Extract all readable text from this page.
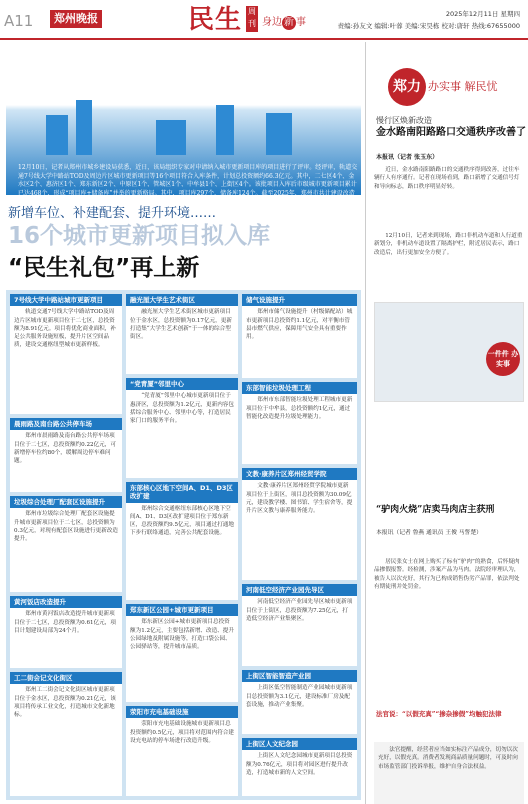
A11	郑州晚报	民生 周刊 身边 新 事
2025年12月11日 星期四
责编:孙友文 编辑:叶蓉 美编:宋昊栋 校对:唐轩 热线:67655000
12月10日，记者从郑州市城乡建设局获悉，近日，该局组织专家对申请纳入城市更新项目库的项目进行了评审。经评审，轨道交通7号线大学中路站TOD及周边片区城市更新项目等16个项目符合入库条件，计划总投资额约66.3亿元。其中，二七区4个、金水区2个、惠济区1个、郑东新区2个、中原区1个、管城区1个、中牟县1个、上街区4个。该批项目入库后市级城市更新项目累计已达468个，形成“项目库+储备库”并举的更新格局。其中，项目库297个，储备库124个。截至2025年，郑州市共计建设改造城市更新项目423个，建设进展有序。
新增车位、补建配套、提升环境……
16个城市更新项目拟入库
“民生礼包”再上新
7号线大学中路站城市更新项目
轨道交通7号线大学中路站TOD及周边片区城市更新项目位于二七区，总投资额为8.91亿元。项目将优化商业面积，补足公共服务设施短板，提升片区空间品质，建设交通枢纽型城市更新样板。
融光厘大学生艺术街区
融光厘大学生艺术街区城市更新项目位于金水区，总投资额为0.17亿元，更新打造集“大学生艺术创新”于一体的综合型街区。
储气设施提升
郑州市储气设施提升（村级储配站）城市更新项目总投资约1.1亿元，对平衡市管县市燃气供应，保障用气安全具有重要作用。
晨雨路及南台路公共停车场
郑州市晨雨路及南台路公共停车场项目位于二七区，总投资额约0.22亿元，可新增停车位约80个，缓解周边停车难问题。
“党青厦”邻里中心
“党青厦”邻里中心城市更新项目位于惠济区，总投资额为1.2亿元，更新内容包括综合服务中心、邻里中心等，打造居民家门口的服务平台。
东部智能垃圾处理工程
郑州市东部智能垃圾处理工程城市更新项目位于中牟县，总投资额约1亿元，通过智能化改造提升垃圾处理能力。
垃圾综合处理厂配套区设施提升
郑州市垃圾综合处理厂配套区设施提升城市更新项目位于二七区，总投资额为0.3亿元，对现有配套区设施进行更新改造提升。
东部核心区地下空间A、D1、D3区改扩建
郑州综合交通枢纽东部核心区地下空间A、D1、D3区改扩建项目位于郑东新区，总投资额约9.5亿元，项目通过打通地下步行联络通道，完善公共配套设施。
文教·康养片区郑州经贸学院
文教·康养片区郑州经贸学院城市更新项目位于上街区，项目总投资额为30.09亿元，建设教学楼、图书馆、学生宿舍等，提升片区文教与康养服务能力。
黄河饭店改造提升
郑州市黄河饭店改造提升城市更新项目位于二七区，总投资额为0.61亿元，项目计划建设局部为24个月。
郑东新区公园+城市更新项目
郑东新区公园+城市更新项目总投资额为1.2亿元，主要包括新增、改造、提升公园绿地及附属设施等，打造口袋公园、公园驿站等，提升城市品质。
河南低空经济产业园先导区
河南低空经济产业园先导区城市更新项目位于上街区，总投资额为7.25亿元，打造低空经济产业集聚区。
工二街会记文化街区
郑州工二街会记文化街区城市更新项目位于金水区，总投资额为0.21亿元，该项目将传承工业文化，打造城市文化新地标。	荥阳市充电基础设施
荥阳市充电基础设施城市更新项目总投资额约0.5亿元，项目将对范围内符合建设充电站的停车场进行改造升级。
上街区智能智造产业园
上街区低空智能制造产业园城市更新项目总投资额为3.1亿元，建设标准厂房及配套设施，推动产业集聚。
上街区人文纪念园
上街区人文纪念园城市更新项目总投资额为0.76亿元，项目将对园区进行提升改造，打造城市新的人文空间。
郑力 办实事 解民忧
慢行区焕新改造
金水路南阳路路口交通秩序改善了
本报讯（记者 张玉东）
近日，金水路南阳路路口的交通秩序得到改善，过往车辆行人有序通行。记者在现场看到，路口新增了交通信号灯和导向标志，路口秩序明显好转。
12月10日，记者来到现场，路口非机动车道和人行道重新划分，非机动车道设置了隔离护栏，附近居民表示，路口改造后，出行更加安全方便了。
一件件 办实事
“驴肉火烧”店卖马肉店主获刑
本报讯（记者 鲁燕 通讯员 王俊 马誓楚）
居民张女士在网上购买了标有“驴肉”的熟食，后怀疑肉品掺假报警。经检测，涉案产品为马肉。法院经审理认为，被告人以次充好，其行为已构成销售伪劣产品罪，依法判处有期徒刑并处罚金。
法官说：“以假充真”“掺杂掺假”均触犯法律
法官提醒，经营者应当如实标注产品成分，切勿以次充好，以假充真。消费者发现商品质量问题时，可及时向市场监管部门投诉举报，维护自身合法权益。
